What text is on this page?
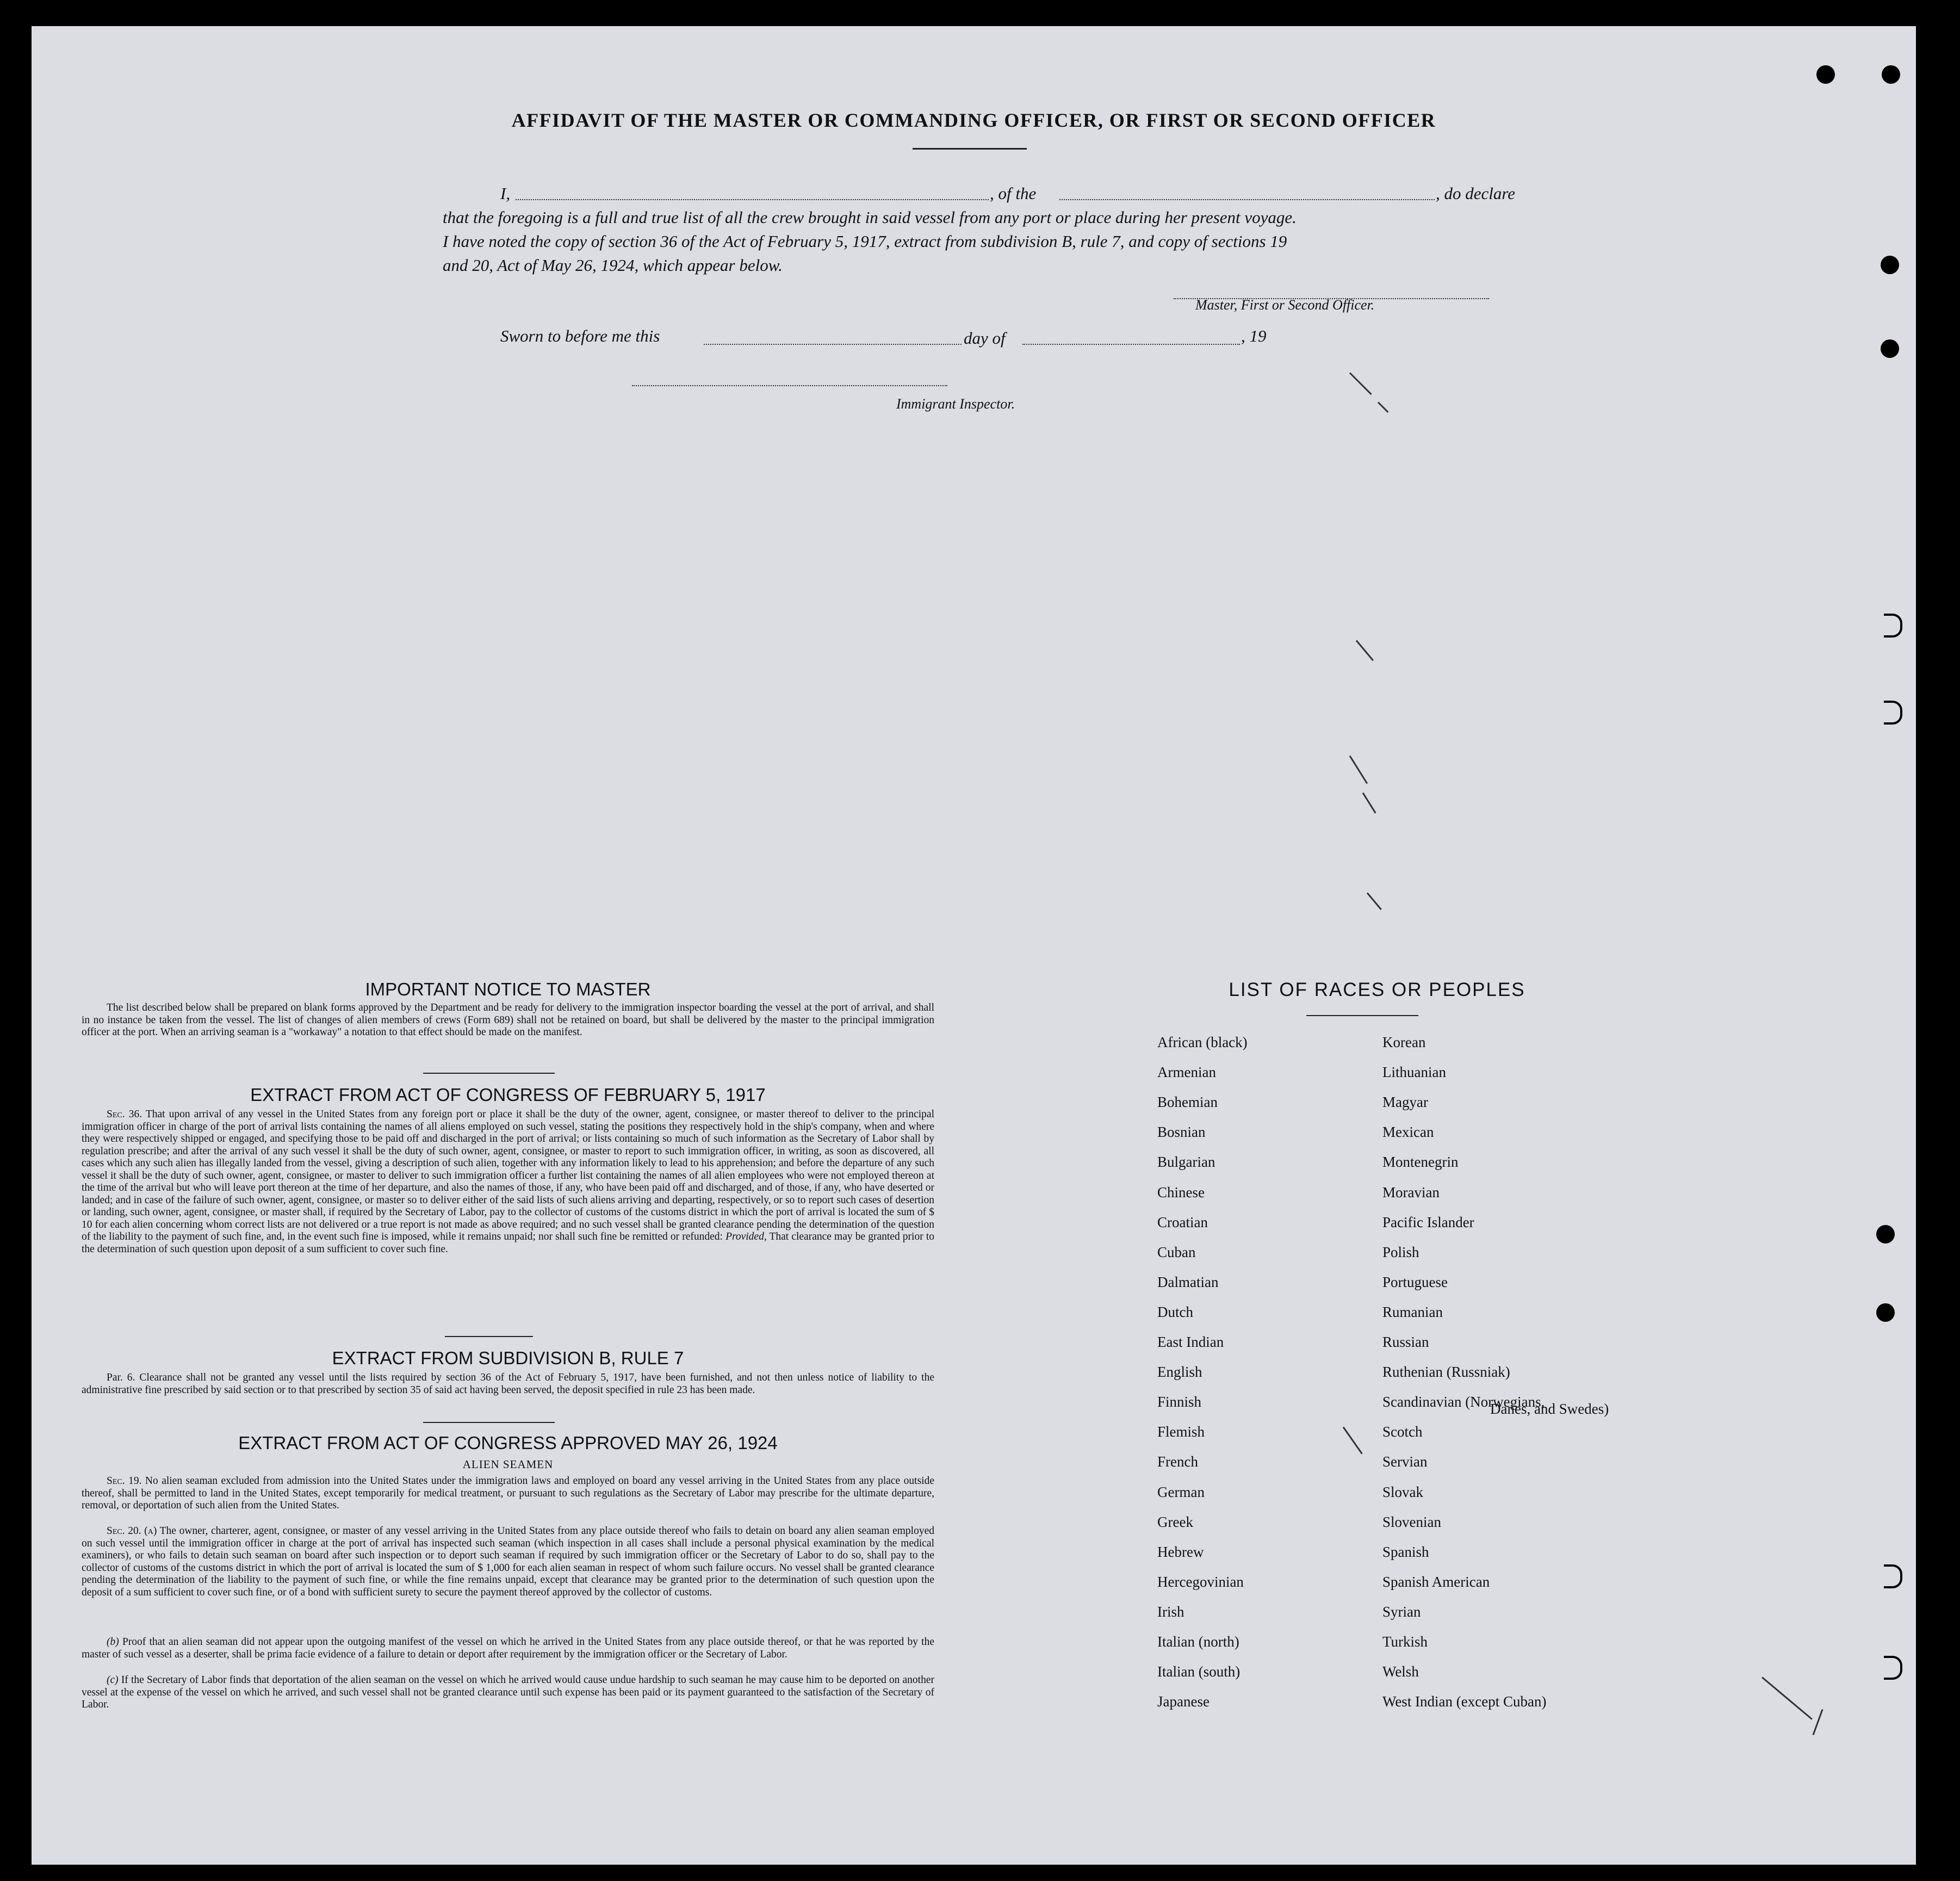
AFFIDAVIT OF THE MASTER OR COMMANDING OFFICER, OR FIRST OR SECOND OFFICER
I,	, of the	, do declare
that the foregoing is a full and true list of all the crew brought in said vessel from any port or place during her present voyage.
I have noted the copy of section 36 of the Act of February 5, 1917, extract from subdivision B, rule 7, and copy of sections 19
and 20, Act of May 26, 1924, which appear below.
Master, First or Second Officer.
Sworn to before me this	day of	, 19
Immigrant Inspector.
IMPORTANT NOTICE TO MASTER
The list described below shall be prepared on blank forms approved by the Department and be ready for delivery to the immigration inspector boarding the vessel at the port of arrival, and shall in no instance be taken from the vessel. The list of changes of alien members of crews (Form 689) shall not be retained on board, but shall be delivered by the master to the principal immigration officer at the port. When an arriving seaman is a "workaway" a notation to that effect should be made on the manifest.
EXTRACT FROM ACT OF CONGRESS OF FEBRUARY 5, 1917
Sec. 36. That upon arrival of any vessel in the United States from any foreign port or place it shall be the duty of the owner, agent, consignee, or master thereof to deliver to the principal immigration officer in charge of the port of arrival lists containing the names of all aliens employed on such vessel, stating the positions they respectively hold in the ship's company, when and where they were respectively shipped or engaged, and specifying those to be paid off and discharged in the port of arrival; or lists containing so much of such information as the Secretary of Labor shall by regulation prescribe; and after the arrival of any such vessel it shall be the duty of such owner, agent, consignee, or master to report to such immigration officer, in writing, as soon as discovered, all cases which any such alien has illegally landed from the vessel, giving a description of such alien, together with any information likely to lead to his apprehension; and before the departure of any such vessel it shall be the duty of such owner, agent, consignee, or master to deliver to such immigration officer a further list containing the names of all alien employees who were not employed thereon at the time of the arrival but who will leave port thereon at the time of her departure, and also the names of those, if any, who have been paid off and discharged, and of those, if any, who have deserted or landed; and in case of the failure of such owner, agent, consignee, or master so to deliver either of the said lists of such aliens arriving and departing, respectively, or so to report such cases of desertion or landing, such owner, agent, consignee, or master shall, if required by the Secretary of Labor, pay to the collector of customs of the customs district in which the port of arrival is located the sum of $ 10 for each alien concerning whom correct lists are not delivered or a true report is not made as above required; and no such vessel shall be granted clearance pending the determination of the question of the liability to the payment of such fine, and, in the event such fine is imposed, while it remains unpaid; nor shall such fine be remitted or refunded: Provided, That clearance may be granted prior to the determination of such question upon deposit of a sum sufficient to cover such fine.
EXTRACT FROM SUBDIVISION B, RULE 7
Par. 6. Clearance shall not be granted any vessel until the lists required by section 36 of the Act of February 5, 1917, have been furnished, and not then unless notice of liability to the administrative fine prescribed by said section or to that prescribed by section 35 of said act having been served, the deposit specified in rule 23 has been made.
EXTRACT FROM ACT OF CONGRESS APPROVED MAY 26, 1924
ALIEN SEAMEN
Sec. 19. No alien seaman excluded from admission into the United States under the immigration laws and employed on board any vessel arriving in the United States from any place outside thereof, shall be permitted to land in the United States, except temporarily for medical treatment, or pursuant to such regulations as the Secretary of Labor may prescribe for the ultimate departure, removal, or deportation of such alien from the United States.
Sec. 20. (a) The owner, charterer, agent, consignee, or master of any vessel arriving in the United States from any place outside thereof who fails to detain on board any alien seaman employed on such vessel until the immigration officer in charge at the port of arrival has inspected such seaman (which inspection in all cases shall include a personal physical examination by the medical examiners), or who fails to detain such seaman on board after such inspection or to deport such seaman if required by such immigration officer or the Secretary of Labor to do so, shall pay to the collector of customs of the customs district in which the port of arrival is located the sum of $ 1,000 for each alien seaman in respect of whom such failure occurs. No vessel shall be granted clearance pending the determination of the liability to the payment of such fine, or while the fine remains unpaid, except that clearance may be granted prior to the determination of such question upon the deposit of a sum sufficient to cover such fine, or of a bond with sufficient surety to secure the payment thereof approved by the collector of customs.
(b) Proof that an alien seaman did not appear upon the outgoing manifest of the vessel on which he arrived in the United States from any place outside thereof, or that he was reported by the master of such vessel as a deserter, shall be prima facie evidence of a failure to detain or deport after requirement by the immigration officer or the Secretary of Labor.
(c) If the Secretary of Labor finds that deportation of the alien seaman on the vessel on which he arrived would cause undue hardship to such seaman he may cause him to be deported on another vessel at the expense of the vessel on which he arrived, and such vessel shall not be granted clearance until such expense has been paid or its payment guaranteed to the satisfaction of the Secretary of Labor.
LIST OF RACES OR PEOPLES
African (black)
Armenian
Bohemian
Bosnian
Bulgarian
Chinese
Croatian
Cuban
Dalmatian
Dutch
East Indian
English
Finnish
Flemish
French
German
Greek
Hebrew
Hercegovinian
Irish
Italian (north)
Italian (south)
Japanese
Korean
Lithuanian
Magyar
Mexican
Montenegrin
Moravian
Pacific Islander
Polish
Portuguese
Rumanian
Russian
Ruthenian (Russniak)
Scandinavian (Norwegians,
Scotch
Servian
Slovak
Slovenian
Spanish
Spanish American
Syrian
Turkish
Welsh
West Indian (except Cuban)
Danes, and Swedes)
